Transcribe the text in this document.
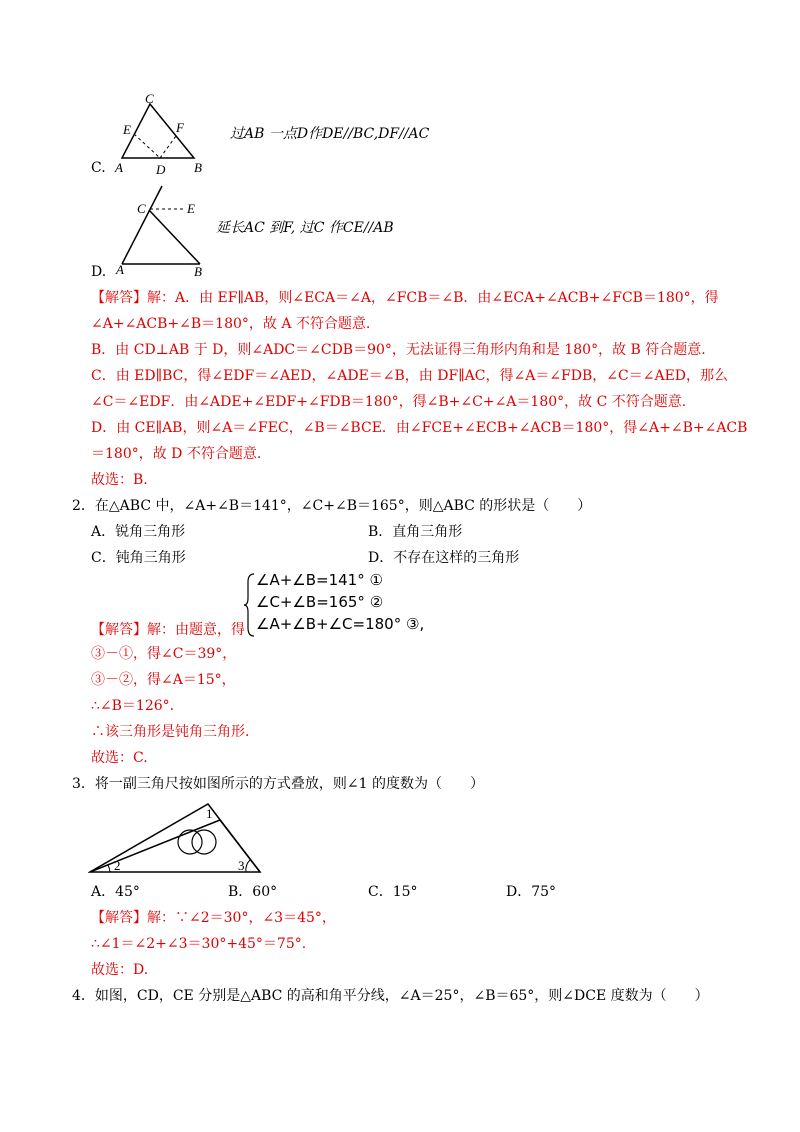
C.
C
E	F
A	D B
过AB 一点D作DE//BC,DF//AC
D.
C	E
A	B
延长AC 到F, 过C 作CE//AB
【解答】解：A．由 EF∥AB，则∠ECA＝∠A，∠FCB＝∠B．由∠ECA+∠ACB+∠FCB＝180°，得
∠A+∠ACB+∠B＝180°，故 A 不符合题意.
B．由 CD⊥AB 于 D，则∠ADC＝∠CDB＝90°，无法证得三角形内角和是 180°，故 B 符合题意.
C．由 ED∥BC，得∠EDF＝∠AED，∠ADE＝∠B，由 DF∥AC，得∠A＝∠FDB，∠C＝∠AED，那么
∠C＝∠EDF．由∠ADE+∠EDF+∠FDB＝180°，得∠B+∠C+∠A＝180°，故 C 不符合题意.
D．由 CE∥AB，则∠A＝∠FEC，∠B＝∠BCE．由∠FCE+∠ECB+∠ACB＝180°，得∠A+∠B+∠ACB
＝180°，故 D 不符合题意.
故选：B.
2．在△ABC 中，∠A+∠B＝141°，∠C+∠B＝165°，则△ABC 的形状是（　　）
A．锐角三角形	B．直角三角形
C．钝角三角形	D．不存在这样的三角形
【解答】解：由题意，得
∠A+∠B=141° ①
∠C+∠B=165° ②
∠A+∠B+∠C=180° ③,
③－①，得∠C＝39°，
③－②，得∠A＝15°，
∴∠B＝126°.
∴该三角形是钝角三角形.
故选：C.
3．将一副三角尺按如图所示的方式叠放，则∠1 的度数为（　　）
1
2	3
A．45°	B．60°	C．15°	D．75°
【解答】解：∵∠2＝30°，∠3＝45°，
∴∠1＝∠2+∠3＝30°+45°＝75°.
故选：D.
4．如图，CD，CE 分别是△ABC 的高和角平分线，∠A＝25°，∠B＝65°，则∠DCE 度数为（　　）
